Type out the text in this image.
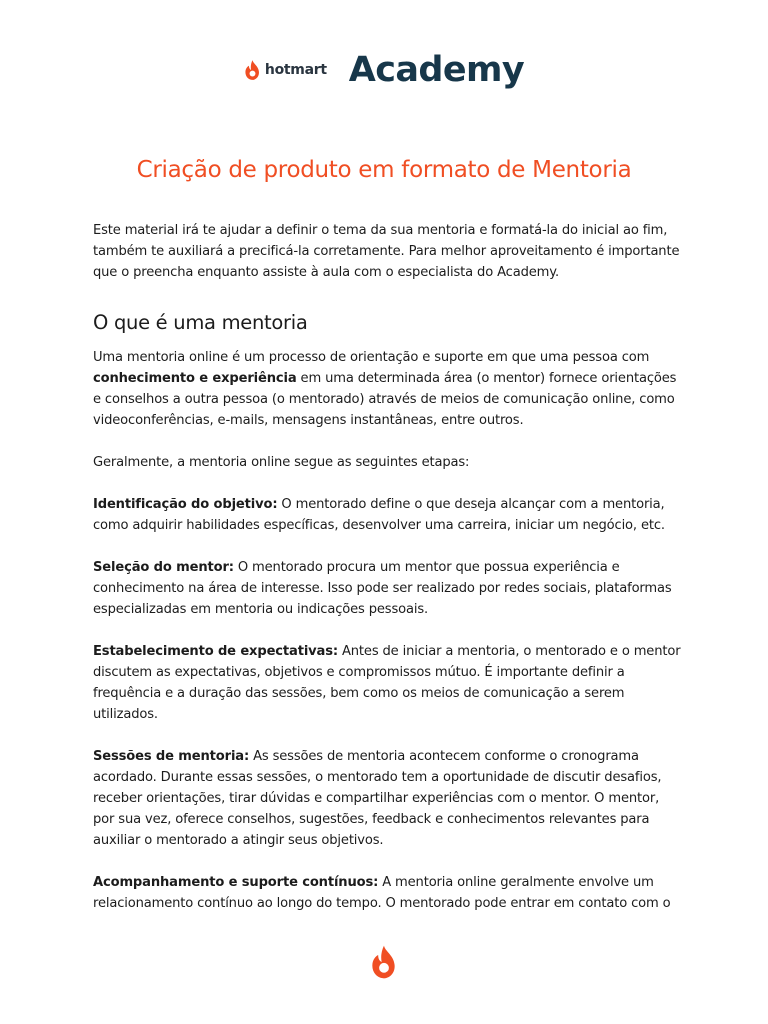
hotmart Academy
Criação de produto em formato de Mentoria

Este material irá te ajudar a definir o tema da sua mentoria e formatá-la do inicial ao fim, também te auxiliará a precificá-la corretamente. Para melhor aproveitamento é importante que o preencha enquanto assiste à aula com o especialista do Academy.

O que é uma mentoria

Uma mentoria online é um processo de orientação e suporte em que uma pessoa com conhecimento e experiência em uma determinada área (o mentor) fornece orientações e conselhos a outra pessoa (o mentorado) através de meios de comunicação online, como videoconferências, e-mails, mensagens instantâneas, entre outros.

Geralmente, a mentoria online segue as seguintes etapas:

Identificação do objetivo: O mentorado define o que deseja alcançar com a mentoria, como adquirir habilidades específicas, desenvolver uma carreira, iniciar um negócio, etc.

Seleção do mentor: O mentorado procura um mentor que possua experiência e conhecimento na área de interesse. Isso pode ser realizado por redes sociais, plataformas especializadas em mentoria ou indicações pessoais.

Estabelecimento de expectativas: Antes de iniciar a mentoria, o mentorado e o mentor discutem as expectativas, objetivos e compromissos mútuo. É importante definir a frequência e a duração das sessões, bem como os meios de comunicação a serem utilizados.

Sessões de mentoria: As sessões de mentoria acontecem conforme o cronograma acordado. Durante essas sessões, o mentorado tem a oportunidade de discutir desafios, receber orientações, tirar dúvidas e compartilhar experiências com o mentor. O mentor, por sua vez, oferece conselhos, sugestões, feedback e conhecimentos relevantes para auxiliar o mentorado a atingir seus objetivos.

Acompanhamento e suporte contínuos: A mentoria online geralmente envolve um relacionamento contínuo ao longo do tempo. O mentorado pode entrar em contato com o
